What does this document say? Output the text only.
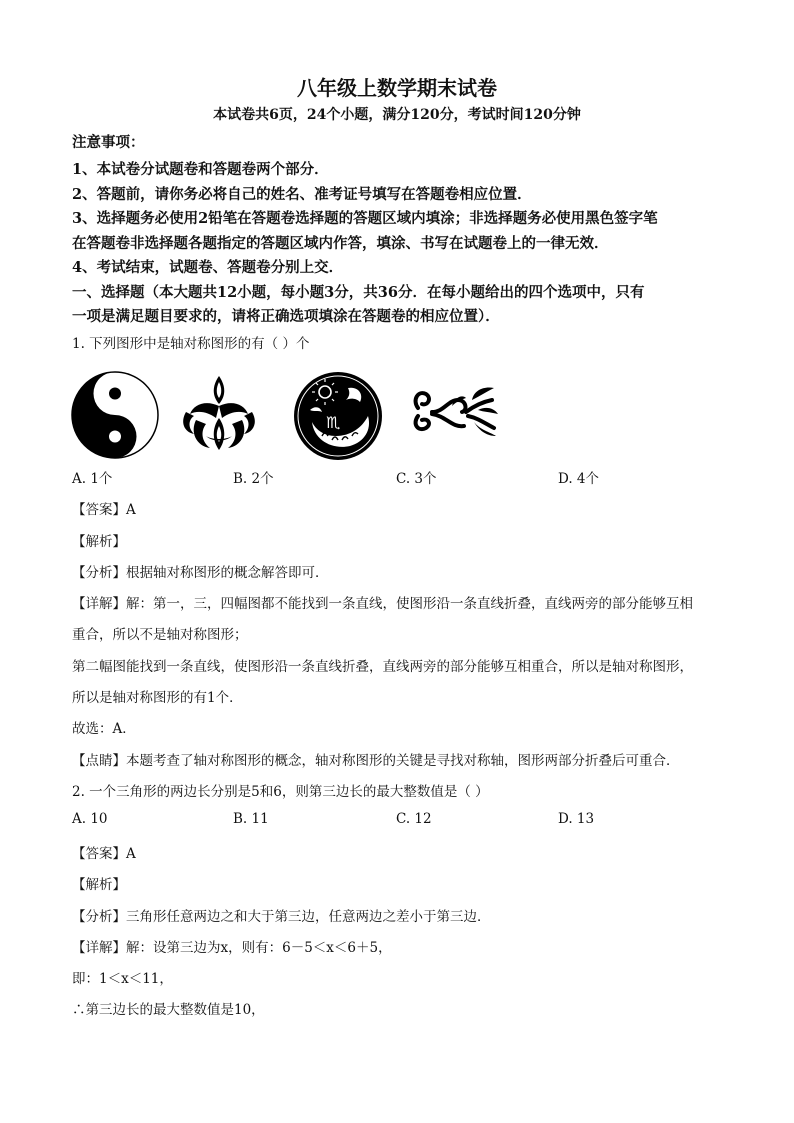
八年级上数学期末试卷
本试卷共6页，24个小题，满分120分，考试时间120分钟
注意事项：
1、本试卷分试题卷和答题卷两个部分．
2、答题前，请你务必将自己的姓名、准考证号填写在答题卷相应位置．
3、选择题务必使用2铅笔在答题卷选择题的答题区域内填涂；非选择题务必使用黑色签字笔
在答题卷非选择题各题指定的答题区域内作答，填涂、书写在试题卷上的一律无效．
4、考试结束，试题卷、答题卷分别上交．
一、选择题（本大题共12小题，每小题3分，共36分．在每小题给出的四个选项中，只有
一项是满足题目要求的，请将正确选项填涂在答题卷的相应位置）．
1. 下列图形中是轴对称图形的有（ ）个
♏
A. 1个	B. 2个	C. 3个	D. 4个
【答案】A
【解析】
【分析】根据轴对称图形的概念解答即可．
【详解】解：第一，三，四幅图都不能找到一条直线，使图形沿一条直线折叠，直线两旁的部分能够互相
重合，所以不是轴对称图形；
第二幅图能找到一条直线，使图形沿一条直线折叠，直线两旁的部分能够互相重合，所以是轴对称图形，
所以是轴对称图形的有1个．
故选：A．
【点睛】本题考查了轴对称图形的概念，轴对称图形的关键是寻找对称轴，图形两部分折叠后可重合．
2. 一个三角形的两边长分别是5和6，则第三边长的最大整数值是（ ）
A. 10	B. 11	C. 12	D. 13
【答案】A
【解析】
【分析】三角形任意两边之和大于第三边，任意两边之差小于第三边．
【详解】解：设第三边为x，则有：6－5＜x＜6＋5，
即：1＜x＜11，
∴第三边长的最大整数值是10，
